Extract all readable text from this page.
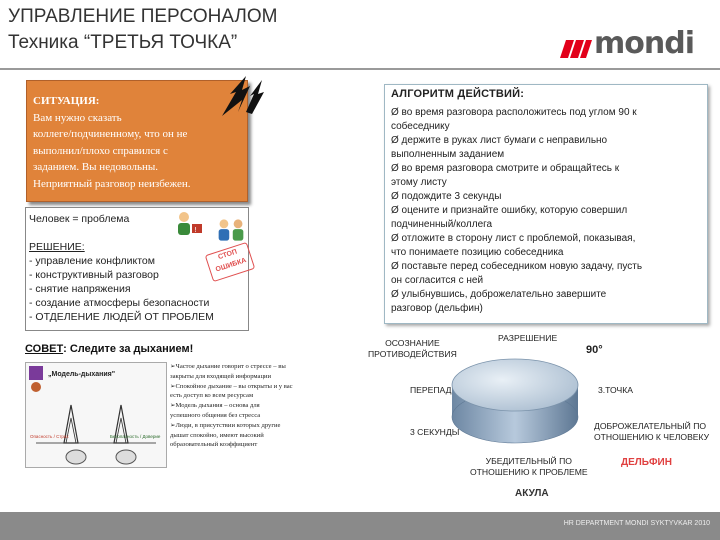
УПРАВЛЕНИЕ ПЕРСОНАЛОМ
Техника “ТРЕТЬЯ ТОЧКА”	mondi
СИТУАЦИЯ:
Вам нужно сказать
коллеге/подчиненному, что он не
выполнил/плохо справился с
заданием. Вы недовольны.
Неприятный разговор неизбежен.
Человек = проблема
!
РЕШЕНИЕ:
- управление конфликтом
- конструктивный разговор
- снятие напряжения
- создание атмосферы безопасности
- ОТДЕЛЕНИЕ ЛЮДЕЙ ОТ ПРОБЛЕМ
СТОП ОШИБКА
СОВЕТ: Следите за дыханием!
„Модель-дыхания"
Опасность / Страх	Безопасность / Доверие
➢Частое дыхание говорит о стрессе – вы
закрыты для входящей информации
➢Спокойное дыхание – вы открыты и у вас
есть доступ ко всем ресурсам
➢Модель дыхания – основа для
успешного общения без стресса
➢Люди, в присутствии которых другие
дышат спокойно, имеют высокий
образовательный коэффициент
АЛГОРИТМ ДЕЙСТВИЙ:
Ø во время разговора расположитесь под углом 90 к
собеседнику
Ø держите в руках лист бумаги с неправильно
выполненным заданием
Ø во время разговора смотрите и обращайтесь к
этому листу
Ø подождите 3 секунды
Ø оцените и признайте ошибку, которую совершил
подчиненный/коллега
Ø отложите в сторону лист с проблемой, показывая,
что понимаете позицию собеседника
Ø поставьте перед собеседником новую задачу, пусть
он согласится с ней
Ø улыбнувшись, доброжелательно завершите
разговор (дельфин)
ОСОЗНАНИЕ
ПРОТИВОДЕЙСТВИЯ
РАЗРЕШЕНИЕ
90°
ПЕРЕПАД	3.ТОЧКА
3 СЕКУНДЫ
ДОБРОЖЕЛАТЕЛЬНЫЙ ПО
ОТНОШЕНИЮ К ЧЕЛОВЕКУ
УБЕДИТЕЛЬНЫЙ ПО
ОТНОШЕНИЮ К ПРОБЛЕМЕ
ДЕЛЬФИН
АКУЛА
HR DEPARTMENT MONDI SYKTYVKAR 2010
